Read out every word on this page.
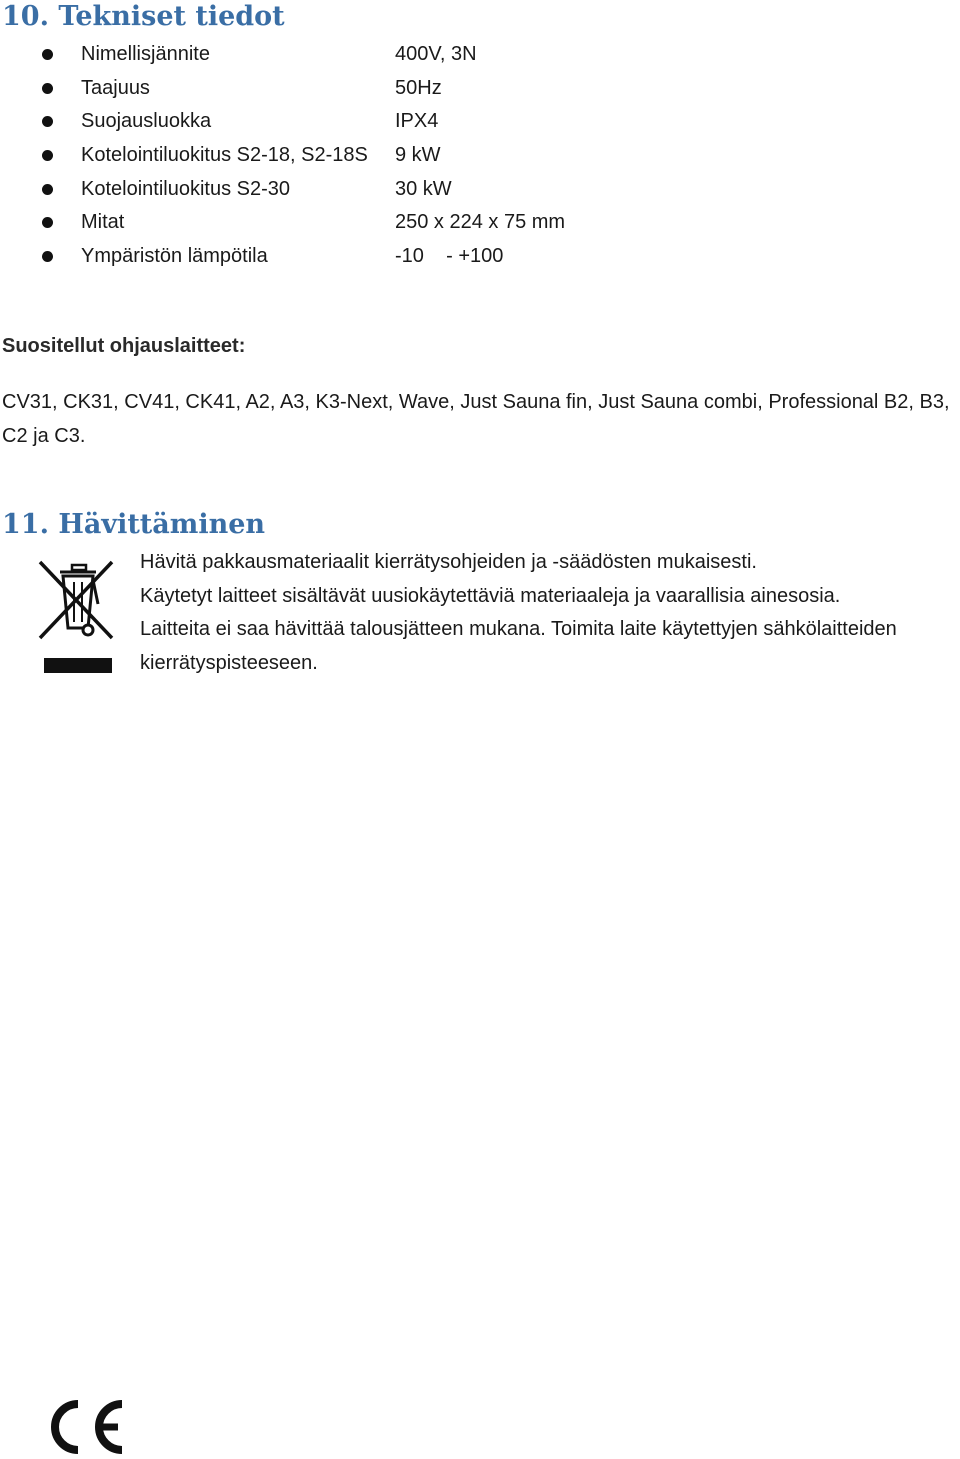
10. Tekniset tiedot
Nimellisjännite	400V, 3N
Taajuus	50Hz
Suojausluokka	IPX4
Kotelointiluokitus S2-18, S2-18S 9 kW
Kotelointiluokitus S2-30	30 kW
Mitat	250 x 224 x 75 mm
Ympäristön lämpötila	-10    - +100

Suositellut ohjauslaitteet:

CV31, CK31, CV41, CK41, A2, A3, K3-Next, Wave, Just Sauna fin, Just Sauna combi, Professional B2, B3, C2 ja C3.

11. Hävittäminen

Hävitä pakkausmateriaalit kierrätysohjeiden ja -säädösten mukaisesti.

Käytetyt laitteet sisältävät uusiokäytettäviä materiaaleja ja vaarallisia ainesosia.

Laitteita ei saa hävittää talousjätteen mukana. Toimita laite käytettyjen sähkölaitteiden kierrätyspisteeseen.
